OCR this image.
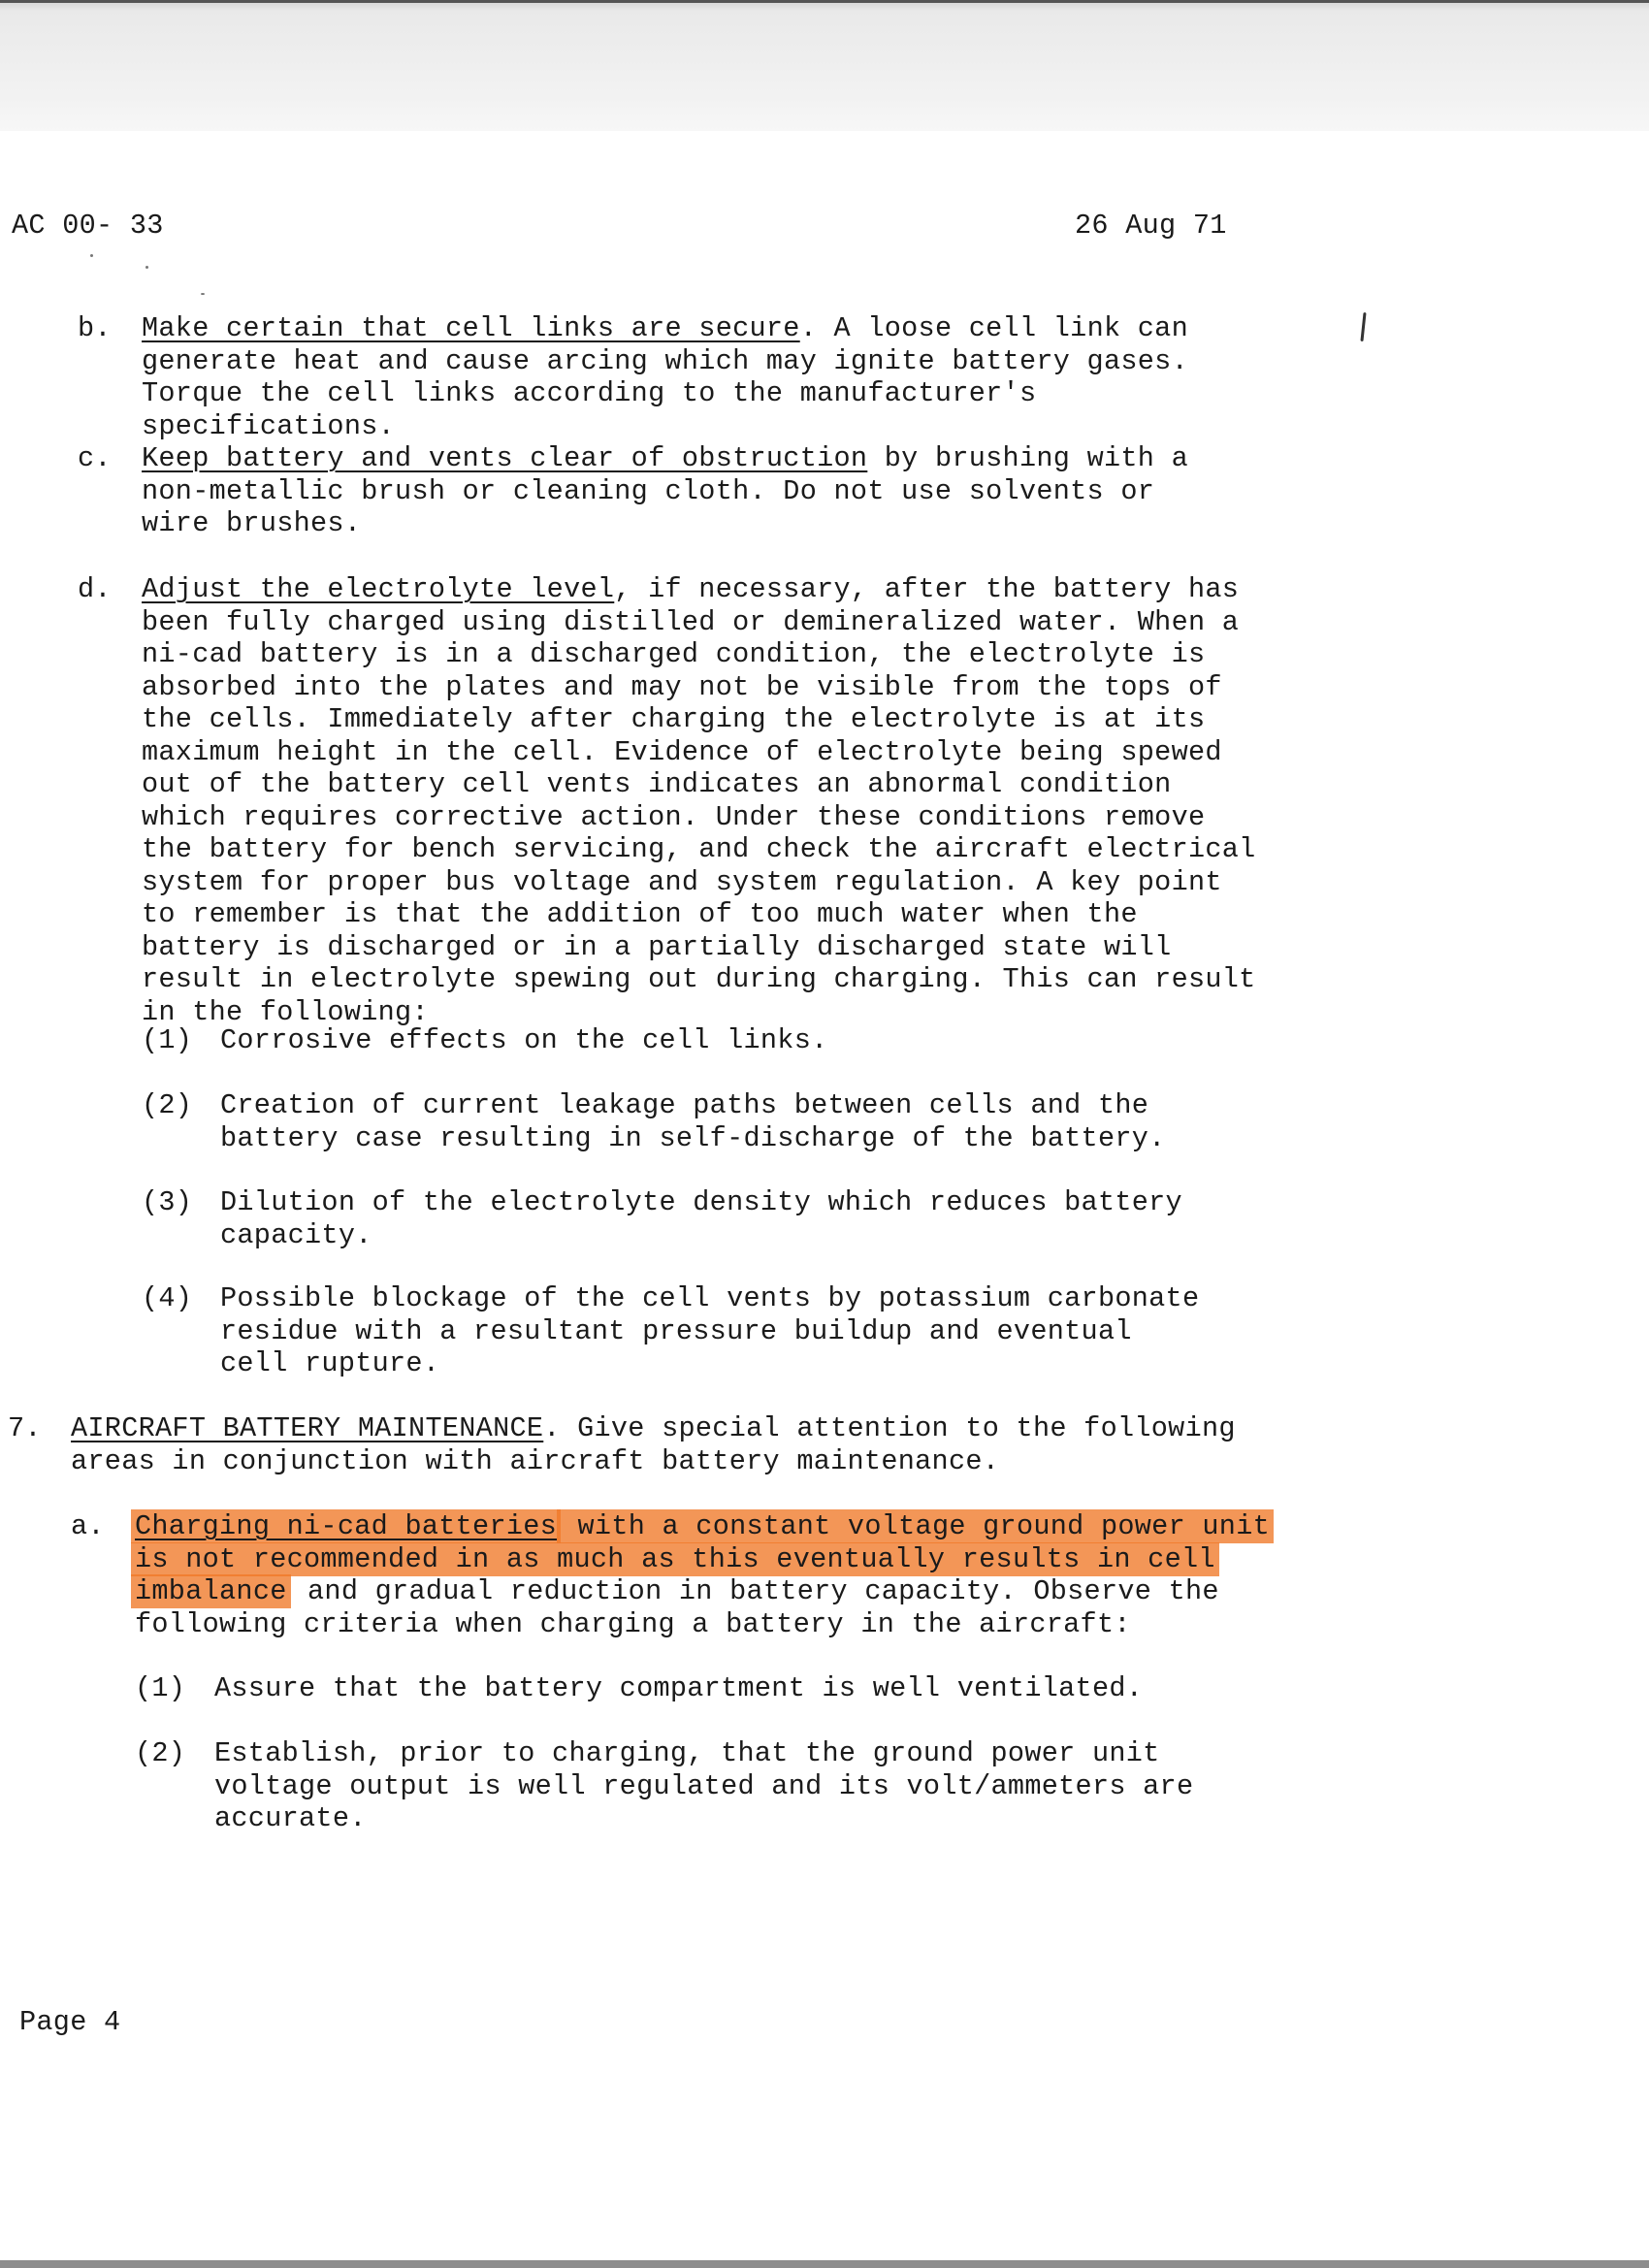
AC 00- 33	26 Aug 71
b. Make certain that cell links are secure. A loose cell link can generate heat and cause arcing which may ignite battery gases. Torque the cell links according to the manufacturer's specifications.
c. Keep battery and vents clear of obstruction by brushing with a non-metallic brush or cleaning cloth. Do not use solvents or wire brushes.
d. Adjust the electrolyte level, if necessary, after the battery has been fully charged using distilled or demineralized water. When a ni-cad battery is in a discharged condition, the electrolyte is absorbed into the plates and may not be visible from the tops of the cells. Immediately after charging the electrolyte is at its maximum height in the cell. Evidence of electrolyte being spewed out of the battery cell vents indicates an abnormal condition which requires corrective action. Under these conditions remove the battery for bench servicing, and check the aircraft electrical system for proper bus voltage and system regulation. A key point to remember is that the addition of too much water when the battery is discharged or in a partially discharged state will result in electrolyte spewing out during charging. This can result in the following:
(1) Corrosive effects on the cell links.
(2) Creation of current leakage paths between cells and the battery case resulting in self-discharge of the battery.
(3) Dilution of the electrolyte density which reduces battery capacity.
(4) Possible blockage of the cell vents by potassium carbonate residue with a resultant pressure buildup and eventual cell rupture.
7. AIRCRAFT BATTERY MAINTENANCE. Give special attention to the following areas in conjunction with aircraft battery maintenance.
a. Charging ni-cad batteries with a constant voltage ground power unit is not recommended in as much as this eventually results in cell imbalance and gradual reduction in battery capacity. Observe the following criteria when charging a battery in the aircraft:
(1) Assure that the battery compartment is well ventilated.
(2) Establish, prior to charging, that the ground power unit voltage output is well regulated and its volt/ammeters are accurate.
Page 4
